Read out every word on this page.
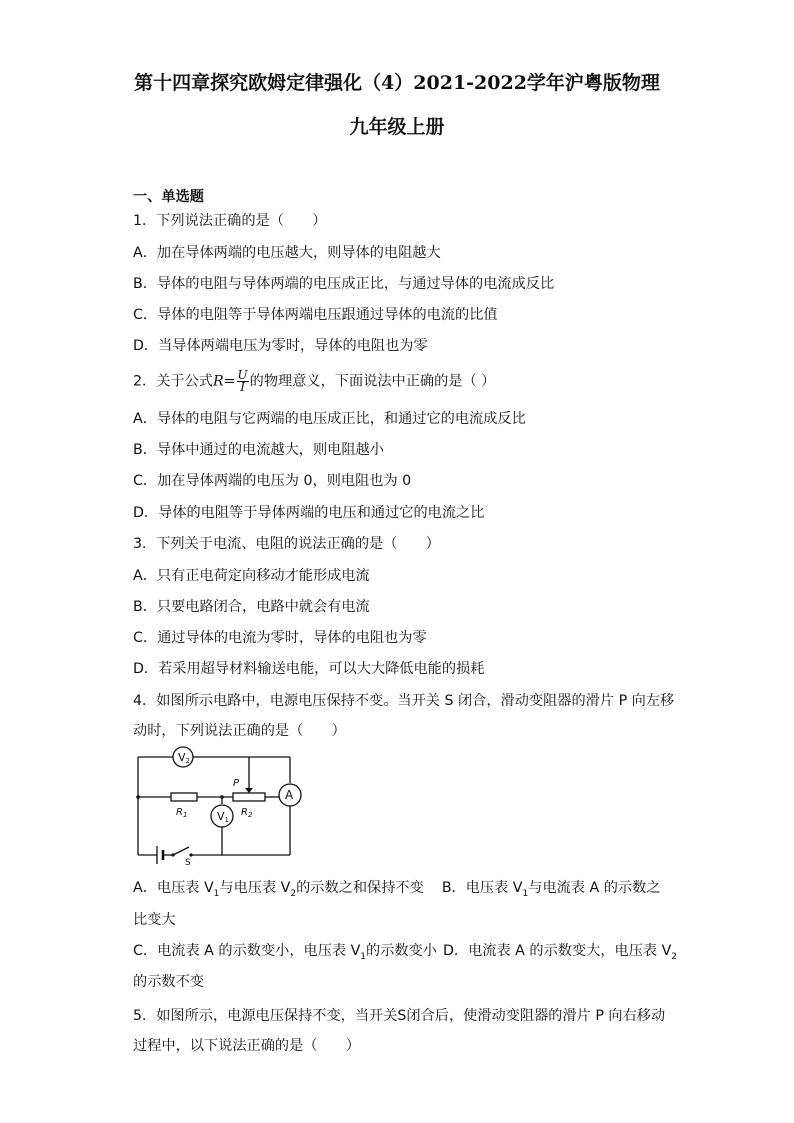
第十四章探究欧姆定律强化（4）2021-2022学年沪粤版物理
九年级上册
一、单选题
1．下列说法正确的是（　　）
A．加在导体两端的电压越大，则导体的电阻越大
B．导体的电阻与导体两端的电压成正比，与通过导体的电流成反比
C．导体的电阻等于导体两端电压跟通过导体的电流的比值
D．当导体两端电压为零时，导体的电阻也为零
2．关于公式$R= \frac{U}{I}$ 的物理意义，下面说法中正确的是（ ）
A．导体的电阻与它两端的电压成正比，和通过它的电流成反比
B．导体中通过的电流越大，则电阻越小
C．加在导体两端的电压为 0，则电阻也为 0
D．导体的电阻等于导体两端的电压和通过它的电流之比
3．下列关于电流、电阻的说法正确的是（　　）
A．只有正电荷定向移动才能形成电流
B．只要电路闭合，电路中就会有电流
C．通过导体的电流为零时，导体的电阻也为零
D．若采用超导材料输送电能，可以大大降低电能的损耗
4．如图所示电路中，电源电压保持不变。当开关 S 闭合，滑动变阻器的滑片 P 向左移
动时，下列说法正确的是（　　）
V2
V1
A
P
$R_1$	$R_2$
S
A．电压表 $V_1$与电压表 $V_2$的示数之和保持不变 B．电压表 $V_1$与电流表 A 的示数之
比变大
C．电流表 A 的示数变小，电压表 $V_1$的示数变小 D．电流表 A 的示数变大，电压表 $V_2$
的示数不变
5．如图所示，电源电压保持不变，当开关S闭合后，使滑动变阻器的滑片 P 向右移动
过程中，以下说法正确的是（　　）
